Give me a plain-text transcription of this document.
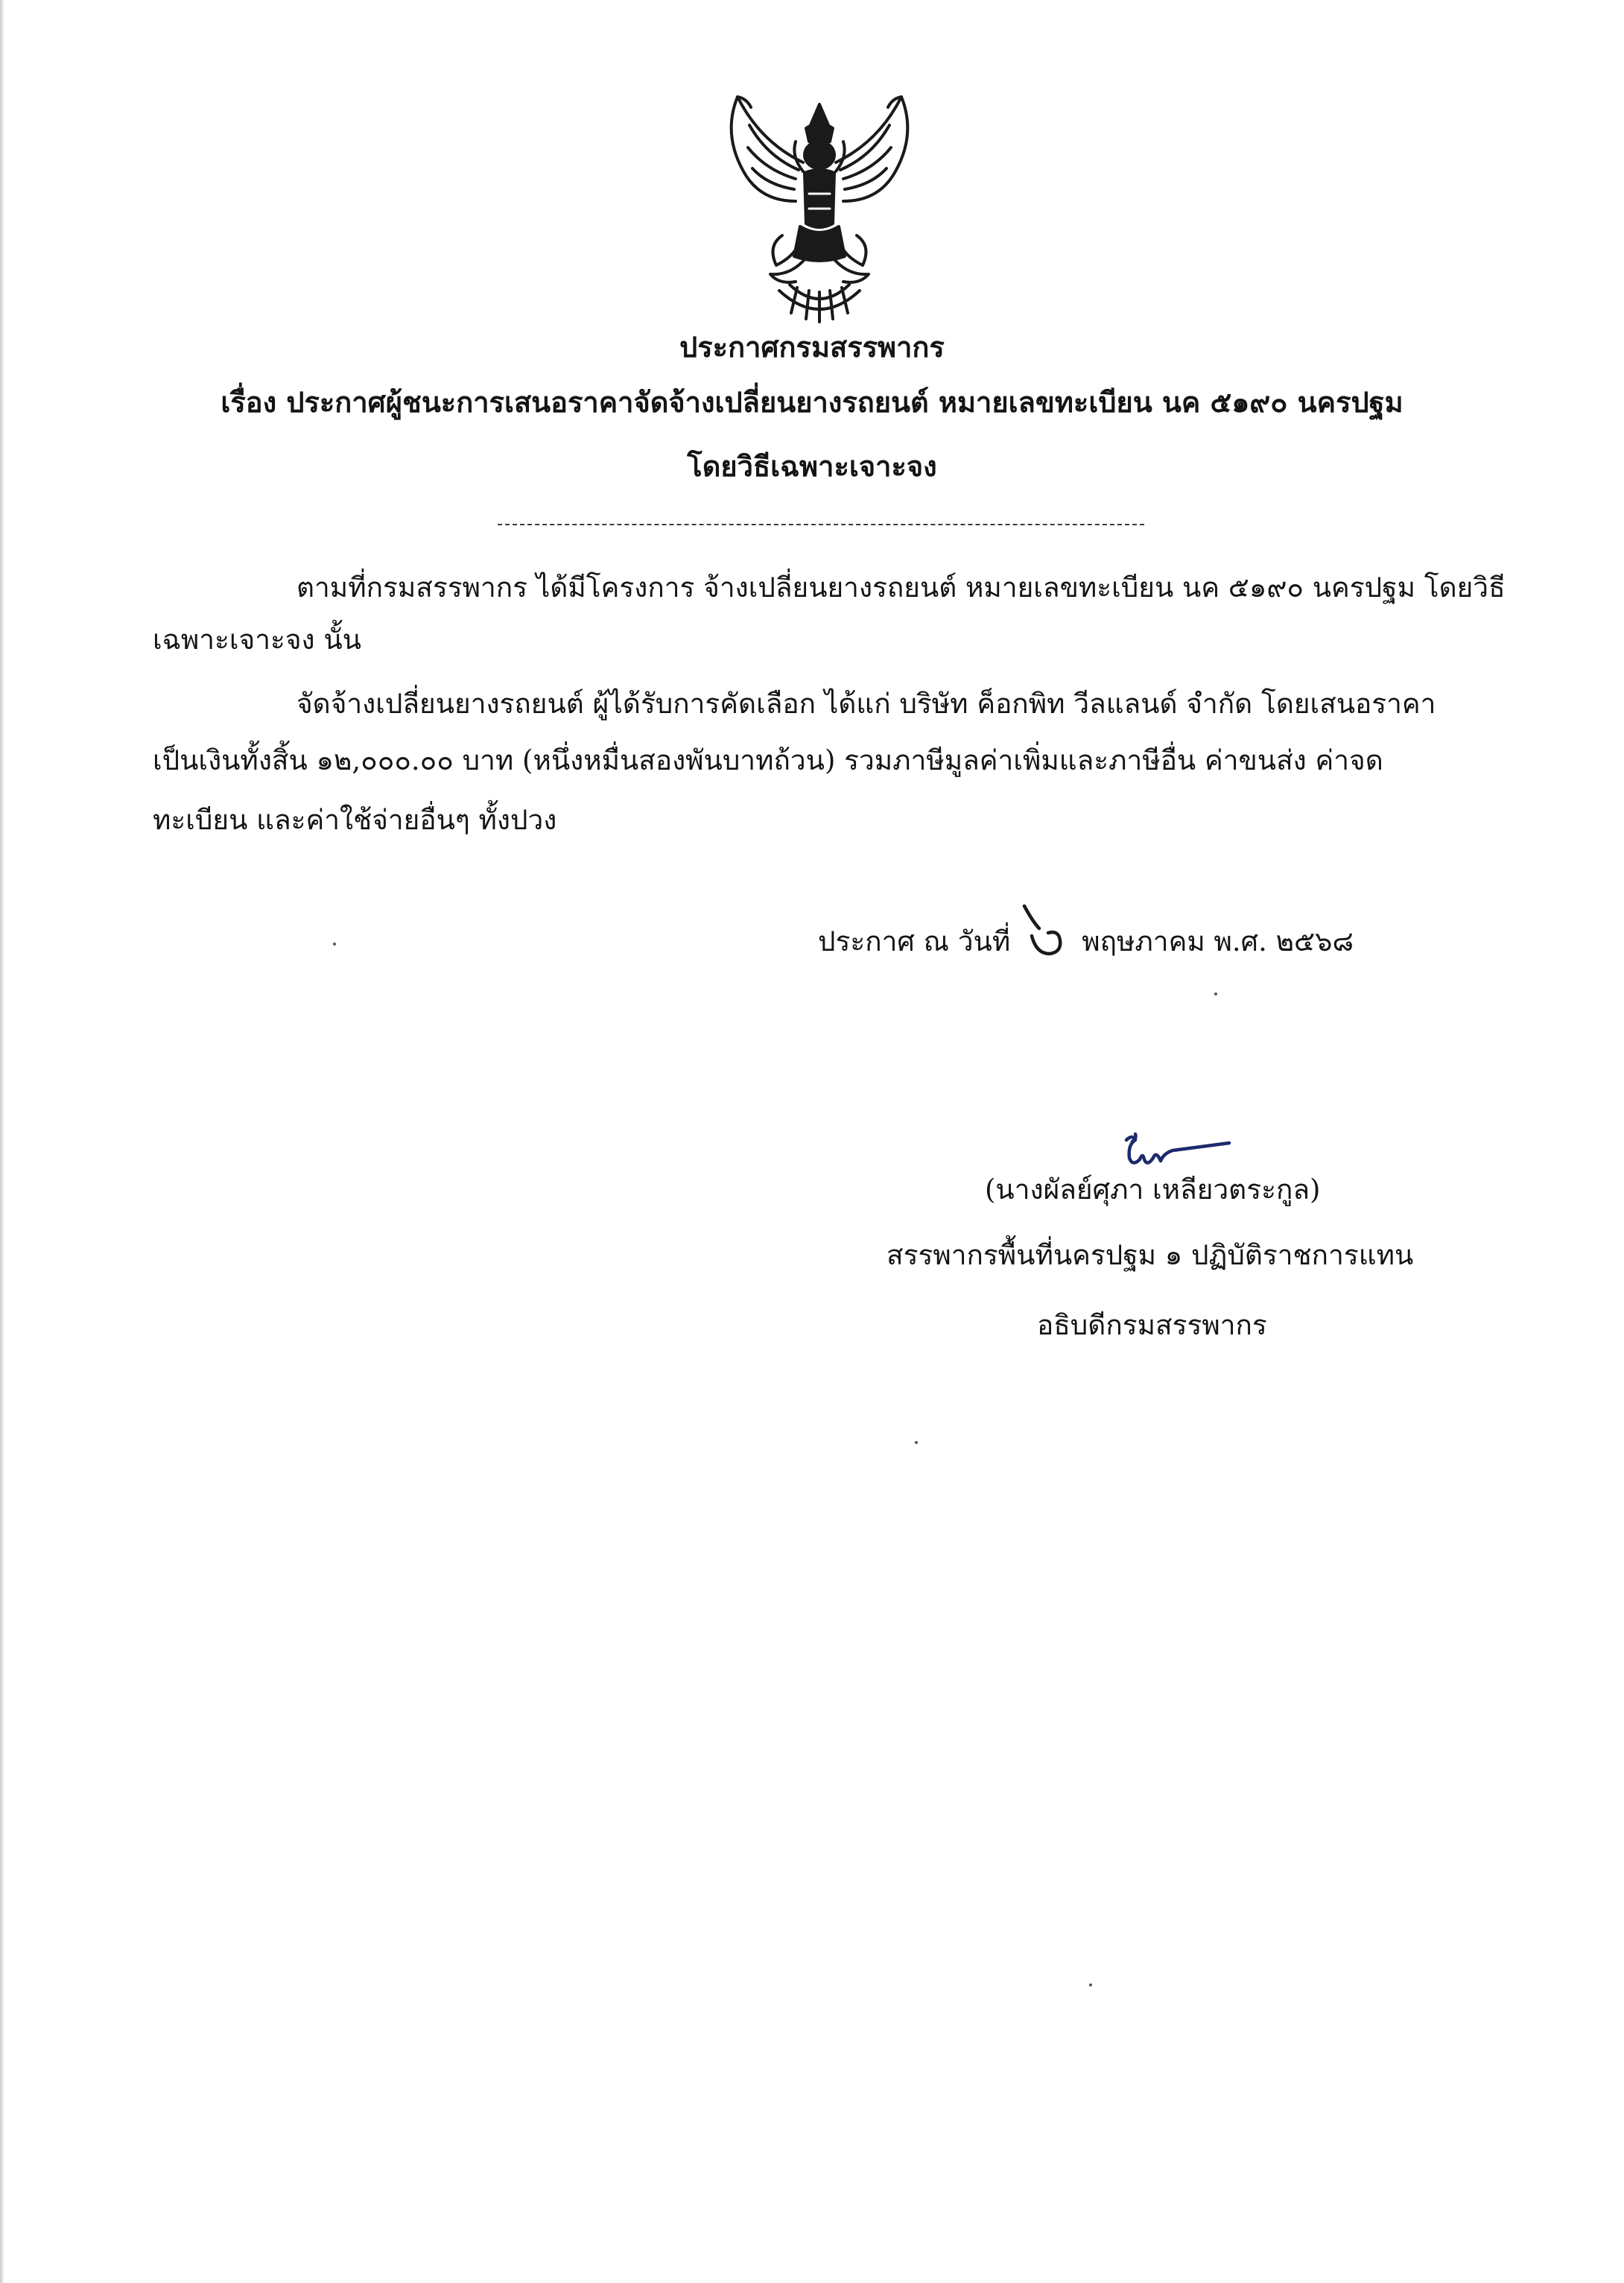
ประกาศกรมสรรพากร
เรื่อง ประกาศผู้ชนะการเสนอราคาจัดจ้างเปลี่ยนยางรถยนต์ หมายเลขทะเบียน นค ๕๑๙๐ นครปฐม
โดยวิธีเฉพาะเจาะจง
ตามที่กรมสรรพากร ได้มีโครงการ จ้างเปลี่ยนยางรถยนต์ หมายเลขทะเบียน นค ๕๑๙๐ นครปฐม โดยวิธี
เฉพาะเจาะจง นั้น
จัดจ้างเปลี่ยนยางรถยนต์ ผู้ได้รับการคัดเลือก ได้แก่ บริษัท ค็อกพิท วีลแลนด์ จำกัด โดยเสนอราคา
เป็นเงินทั้งสิ้น ๑๒,๐๐๐.๐๐ บาท (หนึ่งหมื่นสองพันบาทถ้วน) รวมภาษีมูลค่าเพิ่มและภาษีอื่น ค่าขนส่ง ค่าจด
ทะเบียน และค่าใช้จ่ายอื่นๆ ทั้งปวง
ประกาศ ณ วันที่	พฤษภาคม พ.ศ. ๒๕๖๘
(นางผัลย์ศุภา เหลียวตระกูล)
สรรพากรพื้นที่นครปฐม ๑ ปฏิบัติราชการแทน
อธิบดีกรมสรรพากร
